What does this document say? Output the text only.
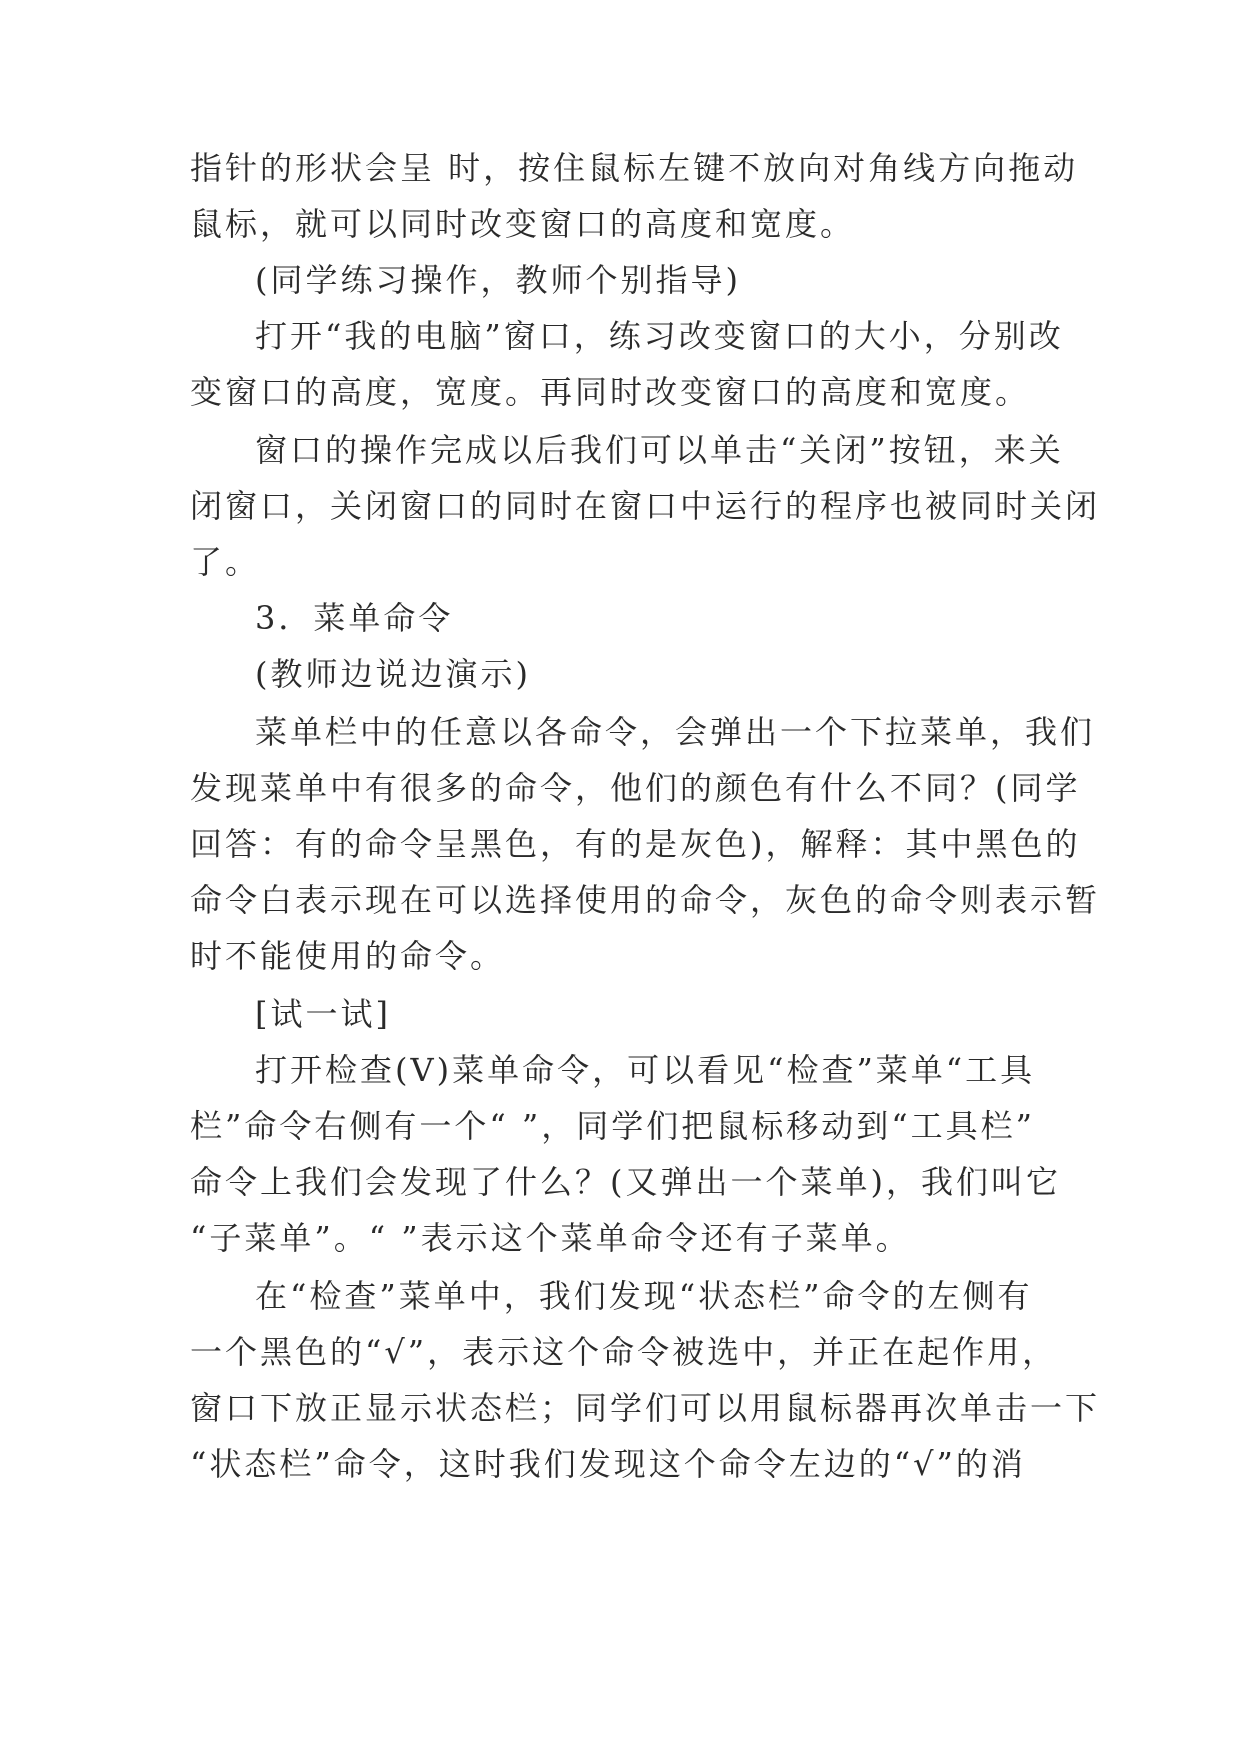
指针的形状会呈 时，按住鼠标左键不放向对角线方向拖动
鼠标，就可以同时改变窗口的高度和宽度。
(同学练习操作，教师个别指导)
打开“我的电脑”窗口，练习改变窗口的大小，分别改
变窗口的高度，宽度。再同时改变窗口的高度和宽度。
窗口的操作完成以后我们可以单击“关闭”按钮，来关
闭窗口，关闭窗口的同时在窗口中运行的程序也被同时关闭
了。
3．菜单命令
(教师边说边演示)
菜单栏中的任意以各命令，会弹出一个下拉菜单，我们
发现菜单中有很多的命令，他们的颜色有什么不同？(同学
回答：有的命令呈黑色，有的是灰色)，解释：其中黑色的
命令白表示现在可以选择使用的命令，灰色的命令则表示暂
时不能使用的命令。
[试一试]
打开检查(V)菜单命令，可以看见“检查”菜单“工具
栏”命令右侧有一个“ ”，同学们把鼠标移动到“工具栏”
命令上我们会发现了什么？(又弹出一个菜单)，我们叫它
“子菜单”。“ ”表示这个菜单命令还有子菜单。
在“检查”菜单中，我们发现“状态栏”命令的左侧有
一个黑色的“√”，表示这个命令被选中，并正在起作用，
窗口下放正显示状态栏；同学们可以用鼠标器再次单击一下
“状态栏”命令，这时我们发现这个命令左边的“√”的消
